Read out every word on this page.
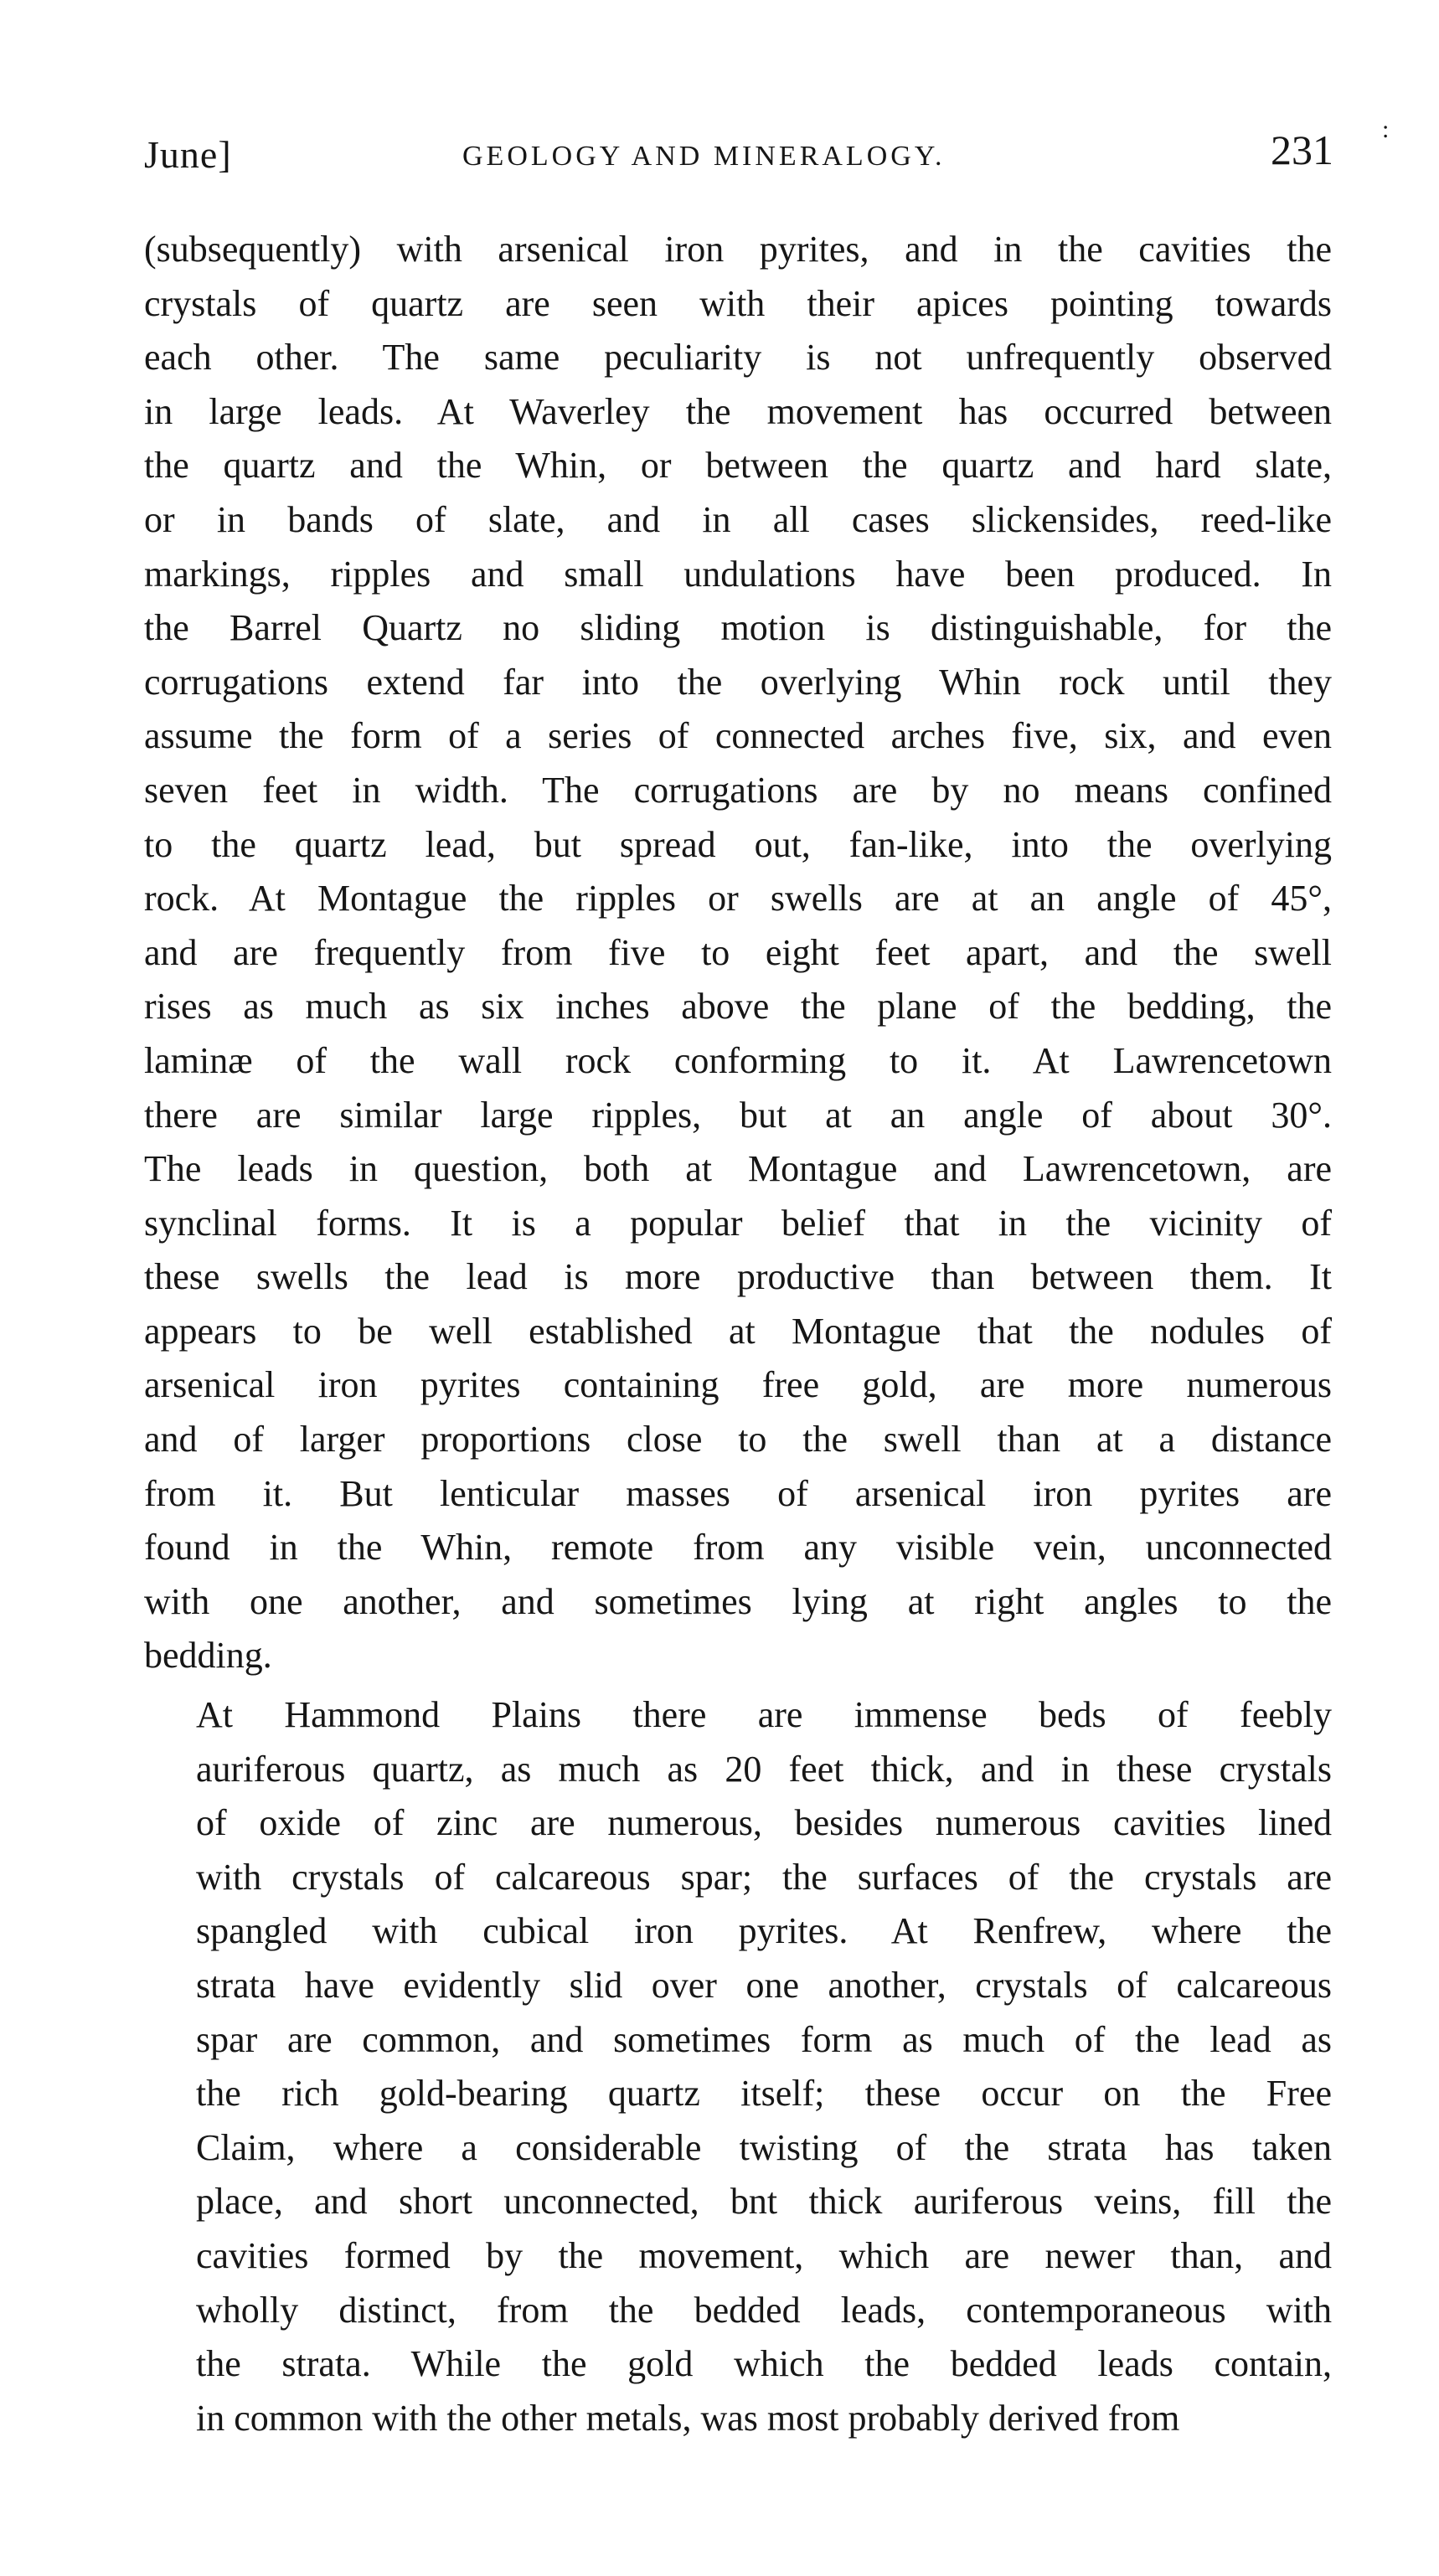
June]	GEOLOGY AND MINERALOGY.	231 :

(subsequently) with arsenical iron pyrites, and in the cavities the
crystals of quartz are seen with their apices pointing towards
each other. The same peculiarity is not unfrequently observed
in large leads. At Waverley the movement has occurred between
the quartz and the Whin, or between the quartz and hard slate,
or in bands of slate, and in all cases slickensides, reed-like
markings, ripples and small undulations have been produced. In
the Barrel Quartz no sliding motion is distinguishable, for the
corrugations extend far into the overlying Whin rock until they
assume the form of a series of connected arches five, six, and even
seven feet in width. The corrugations are by no means confined
to the quartz lead, but spread out, fan-like, into the overlying
rock. At Montague the ripples or swells are at an angle of 45°,
and are frequently from five to eight feet apart, and the swell
rises as much as six inches above the plane of the bedding, the
laminæ of the wall rock conforming to it. At Lawrencetown
there are similar large ripples, but at an angle of about 30°.
The leads in question, both at Montague and Lawrencetown, are
synclinal forms. It is a popular belief that in the vicinity of
these swells the lead is more productive than between them. It
appears to be well established at Montague that the nodules of
arsenical iron pyrites containing free gold, are more numerous
and of larger proportions close to the swell than at a distance
from it. But lenticular masses of arsenical iron pyrites are
found in the Whin, remote from any visible vein, unconnected
with one another, and sometimes lying at right angles to the
bedding.

At Hammond Plains there are immense beds of feebly
auriferous quartz, as much as 20 feet thick, and in these crystals
of oxide of zinc are numerous, besides numerous cavities lined
with crystals of calcareous spar; the surfaces of the crystals are
spangled with cubical iron pyrites. At Renfrew, where the
strata have evidently slid over one another, crystals of calcareous
spar are common, and sometimes form as much of the lead as
the rich gold-bearing quartz itself; these occur on the Free
Claim, where a considerable twisting of the strata has taken
place, and short unconnected, bnt thick auriferous veins, fill the
cavities formed by the movement, which are newer than, and
wholly distinct, from the bedded leads, contemporaneous with
the strata. While the gold which the bedded leads contain,
in common with the other metals, was most probably derived from
